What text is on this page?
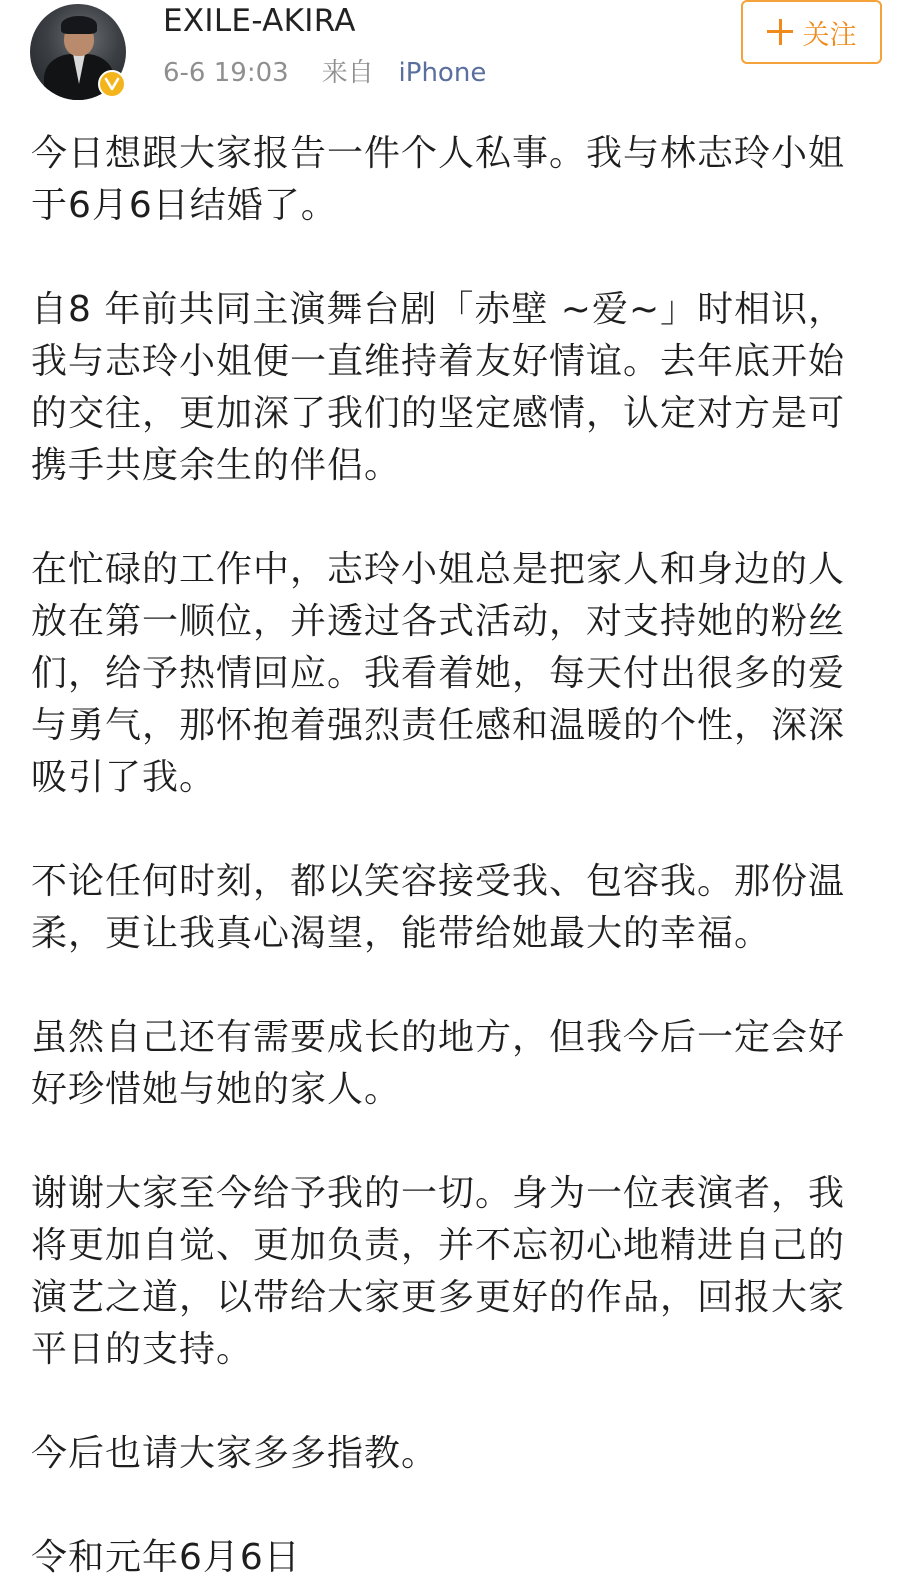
EXILE-AKIRA
6-6 19:03 来自 iPhone
关注

今日想跟大家报告一件个人私事。我与林志玲小姐
于6月6日结婚了。

自8 年前共同主演舞台剧「赤壁 ~爱~」时相识，
我与志玲小姐便一直维持着友好情谊。去年底开始
的交往，更加深了我们的坚定感情，认定对方是可
携手共度余生的伴侣。

在忙碌的工作中，志玲小姐总是把家人和身边的人
放在第一顺位，并透过各式活动，对支持她的粉丝
们，给予热情回应。我看着她，每天付出很多的爱
与勇气，那怀抱着强烈责任感和温暖的个性，深深
吸引了我。

不论任何时刻，都以笑容接受我、包容我。那份温
柔，更让我真心渴望，能带给她最大的幸福。

虽然自己还有需要成长的地方，但我今后一定会好
好珍惜她与她的家人。

谢谢大家至今给予我的一切。身为一位表演者，我
将更加自觉、更加负责，并不忘初心地精进自己的
演艺之道，以带给大家更多更好的作品，回报大家
平日的支持。

今后也请大家多多指教。

令和元年6月6日
